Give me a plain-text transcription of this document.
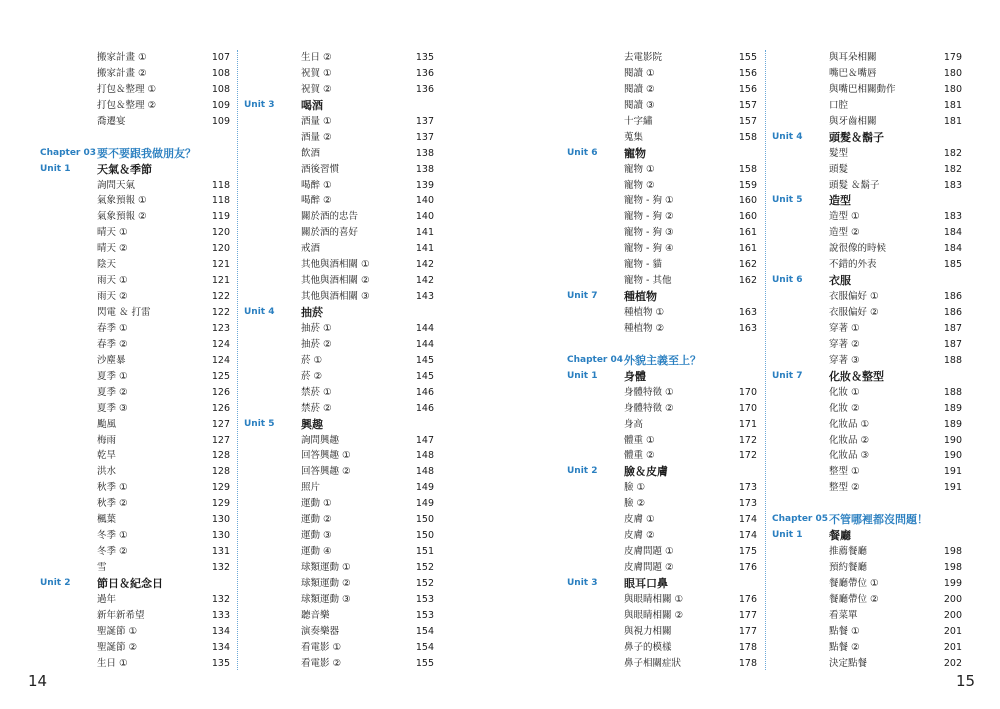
搬家計畫 ①	107
搬家計畫 ②	108
打包＆整理 ①	108
打包＆整理 ②	109
喬遷宴	109
Chapter 03 要不要跟我做朋友？
Unit 1 天氣＆季節
詢問天氣	118
氣象預報 ①	118
氣象預報 ②	119
晴天 ①	120
晴天 ②	120
陰天	121
雨天 ①	121
雨天 ②	122
閃電 ＆ 打雷	122
春季 ①	123
春季 ②	124
沙塵暴	124
夏季 ①	125
夏季 ②	126
夏季 ③	126
颱風	127
梅雨	127
乾旱	128
洪水	128
秋季 ①	129
秋季 ②	129
楓葉	130
冬季 ①	130
冬季 ②	131
雪	132
Unit 2 節日＆紀念日
過年	132
新年新希望	133
聖誕節 ①	134
聖誕節 ②	134
生日 ①	135
生日 ②	135
祝賀 ①	136
祝賀 ②	136
Unit 3 喝酒
酒量 ①	137
酒量 ②	137
飲酒	138
酒後習慣	138
喝醉 ①	139
喝醉 ②	140
關於酒的忠告	140
關於酒的喜好	141
戒酒	141
其他與酒相關 ①	142
其他與酒相關 ②	142
其他與酒相關 ③	143
Unit 4 抽菸
抽菸 ①	144
抽菸 ②	144
菸 ①	145
菸 ②	145
禁菸 ①	146
禁菸 ②	146
Unit 5 興趣
詢問興趣	147
回答興趣 ①	148
回答興趣 ②	148
照片	149
運動 ①	149
運動 ②	150
運動 ③	150
運動 ④	151
球類運動 ①	152
球類運動 ②	152
球類運動 ③	153
聽音樂	153
演奏樂器	154
看電影 ①	154
看電影 ②	155
去電影院	155
閱讀 ①	156
閱讀 ②	156
閱讀 ③	157
十字繡	157
蒐集	158
Unit 6 寵物
寵物 ①	158
寵物 ②	159
寵物 - 狗 ①	160
寵物 - 狗 ②	160
寵物 - 狗 ③	161
寵物 - 狗 ④	161
寵物 - 貓	162
寵物 - 其他	162
Unit 7 種植物
種植物 ①	163
種植物 ②	163
Chapter 04 外貌主義至上？
Unit 1 身體
身體特徵 ①	170
身體特徵 ②	170
身高	171
體重 ①	172
體重 ②	172
Unit 2 臉＆皮膚
臉 ①	173
臉 ②	173
皮膚 ①	174
皮膚 ②	174
皮膚問題 ①	175
皮膚問題 ②	176
Unit 3 眼耳口鼻
與眼睛相關 ①	176
與眼睛相關 ②	177
與視力相關	177
鼻子的模樣	178
鼻子相關症狀	178
與耳朵相關	179
嘴巴＆嘴唇	180
與嘴巴相關動作	180
口腔	181
與牙齒相關	181
Unit 4 頭髮＆鬍子
髮型	182
頭髮	182
頭髮 ＆鬍子	183
Unit 5 造型
造型 ①	183
造型 ②	184
說很像的時候	184
不錯的外表	185
Unit 6 衣服
衣服偏好 ①	186
衣服偏好 ②	186
穿著 ①	187
穿著 ②	187
穿著 ③	188
Unit 7 化妝＆整型
化妝 ①	188
化妝 ②	189
化妝品 ①	189
化妝品 ②	190
化妝品 ③	190
整型 ①	191
整型 ②	191
Chapter 05 不管哪裡都沒問題！
Unit 1 餐廳
推薦餐廳	198
預約餐廳	198
餐廳帶位 ①	199
餐廳帶位 ②	200
看菜單	200
點餐 ①	201
點餐 ②	201
決定點餐	202
14	15
